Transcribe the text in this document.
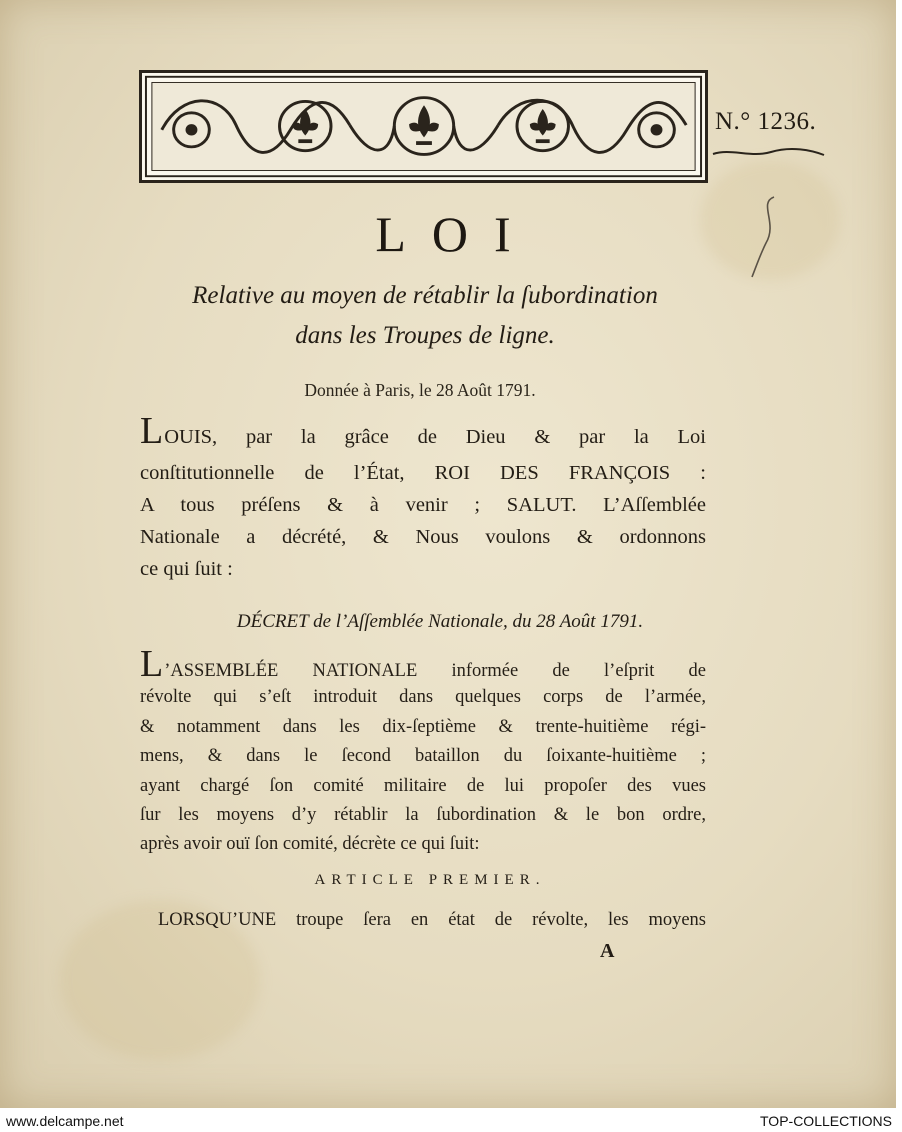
N.° 1236.
LOI
Relative au moyen de rétablir la ſubordination
dans les Troupes de ligne.
Donnée à Paris, le 28 Août 1791.
LOUIS, par la grâce de Dieu & par la Loi
conſtitutionnelle de l’État, ROI DES FRANÇOIS :
A tous préſens & à venir ; SALUT. L’Aſſemblée
Nationale a décrété, & Nous voulons & ordonnons
ce qui ſuit :
DÉCRET de l’Aſſemblée Nationale, du 28 Août 1791.
L’ASSEMBLÉE NATIONALE informée de l’eſprit de
révolte qui s’eſt introduit dans quelques corps de l’armée,
& notamment dans les dix-ſeptième & trente-huitième régi-
mens, & dans le ſecond bataillon du ſoixante-huitième ;
ayant chargé ſon comité militaire de lui propoſer des vues
ſur les moyens d’y rétablir la ſubordination & le bon ordre,
après avoir ouï ſon comité, décrète ce qui ſuit:
ARTICLE PREMIER.
LORSQU’UNE troupe ſera en état de révolte, les moyens
A
www.delcampe.net	TOP-COLLECTIONS
